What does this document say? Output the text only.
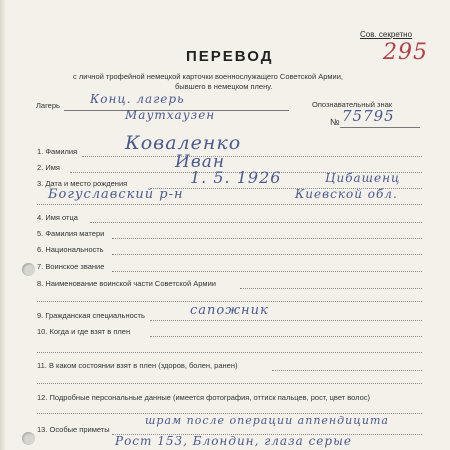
Сов. секретно
295
ПЕРЕВОД
с личной трофейной немецкой карточки военнослужащего Советской Армии,
бывшего в немецком плену.
Лагерь	Конц. лагерь
Маутхаузен
Опознавательный знак
№ 75795
1. Фамилия	Коваленко
2. Имя	Иван
3. Дата и место рождения	1. 5. 1926	Цибашенц
Богуславский р-н	Киевской обл.
4. Имя отца
5. Фамилия матери
6. Национальность
7. Воинское звание
8. Наименование воинской части Советской Армии
9. Гражданская специальность	сапожник
10. Когда и где взят в плен
11. В каком состоянии взят в плен (здоров, болен, ранен)
12. Подробные персональные данные (имеется фотография, оттиск пальцев, рост, цвет волос)
13. Особые приметы
шрам после операции аппендицита
Рост 153, Блондин, глаза серые
